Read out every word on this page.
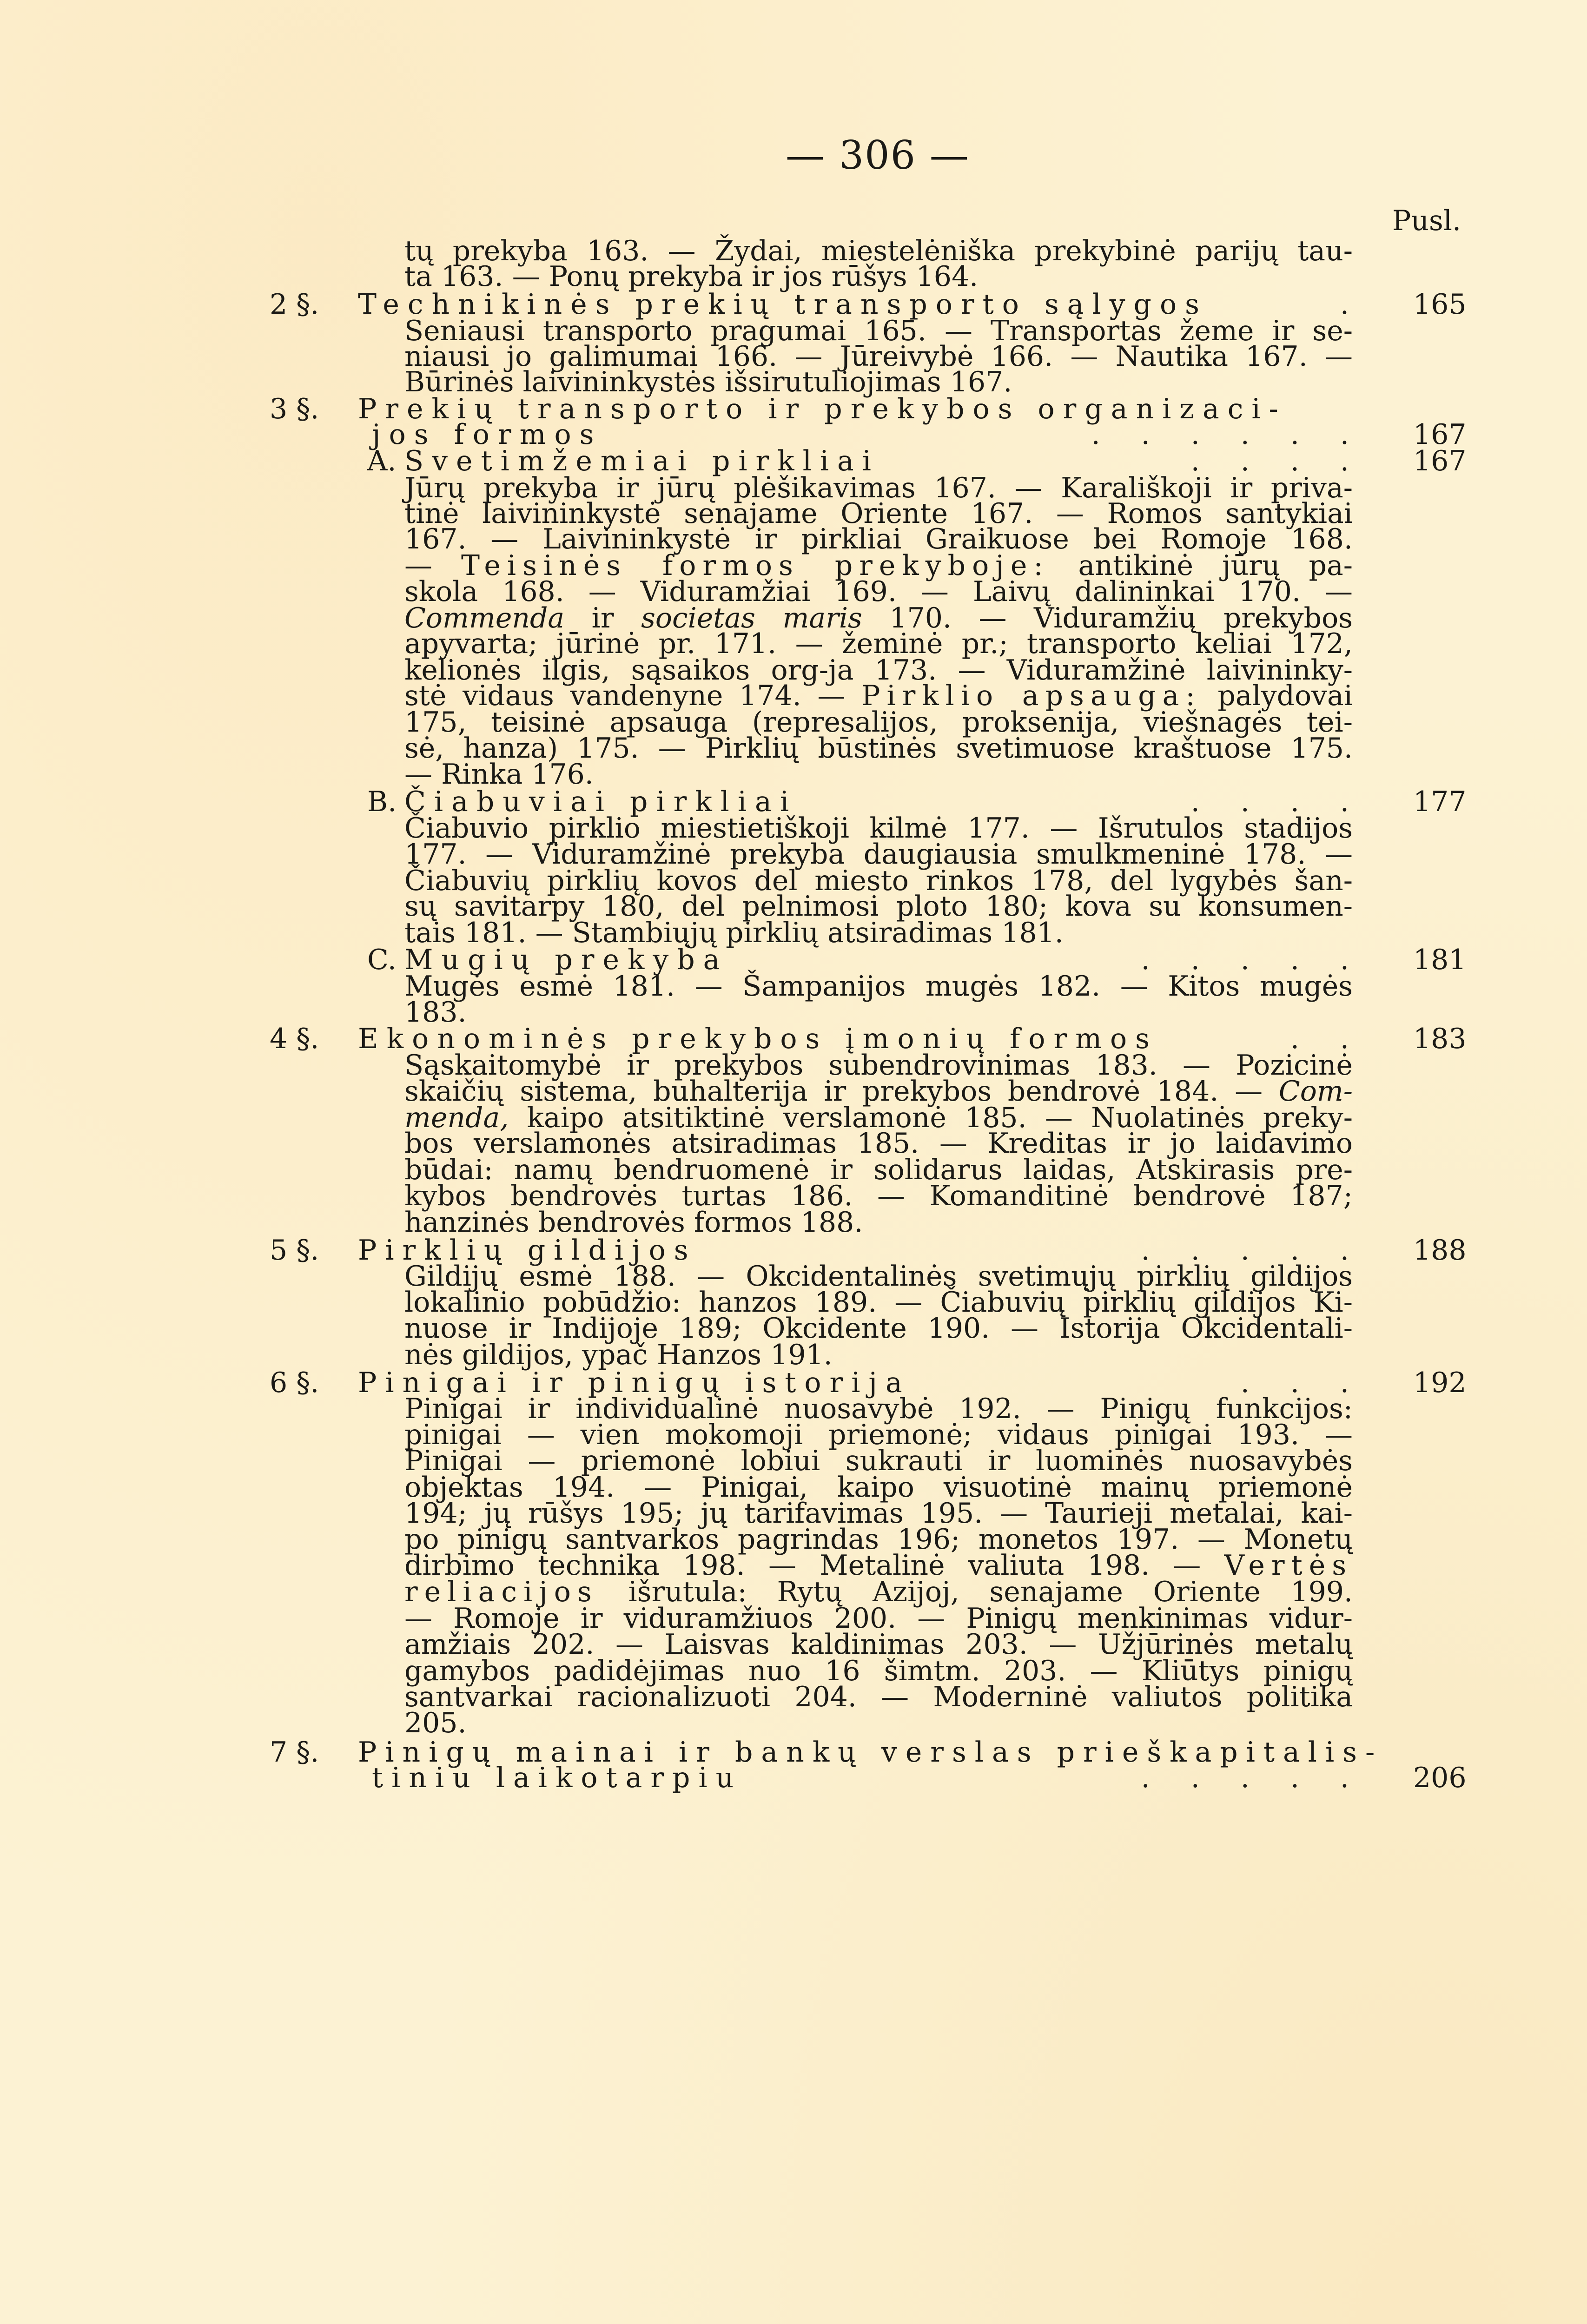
— 306 —
Pusl.
tų prekyba 163. — Žydai, miestelėniška prekybinė parijų tau-
ta 163. — Ponų prekyba ir jos rūšys 164.
2 §. Technikinės prekių transporto sąlygos	. 165
Seniausi transporto pragumai 165. — Transportas žeme ir se-
niausi jo galimumai 166. — Jūreivybė 166. — Nautika 167. —
Būrinės laivininkystės išsirutuliojimas 167.
3 §. Prekių transporto ir prekybos organizaci-
jos formos	...... 167
A. Svetimžemiai pirkliai	.... 167
Jūrų prekyba ir jūrų plėšikavimas 167. — Karališkoji ir priva-
tinė laivininkystė senajame Oriente 167. — Romos santykiai
167. — Laivininkystė ir pirkliai Graikuose bei Romoje 168.
— Teisinės formos prekyboje: antikinė jūrų pa-
skola 168. — Viduramžiai 169. — Laivų dalininkai 170. —
Commenda ir societas maris 170. — Viduramžių prekybos
apyvarta; jūrinė pr. 171. — žeminė pr.; transporto keliai 172,
kelionės ilgis, sąsaikos org-ja 173. — Viduramžinė laivininky-
stė vidaus vandenyne 174. — Pirklio apsauga: palydovai
175, teisinė apsauga (represalijos, proksenija, viešnagės tei-
sė, hanza) 175. — Pirklių būstinės svetimuose kraštuose 175.
— Rinka 176.
B. Čiabuviai pirkliai	.... 177
Čiabuvio pirklio miestietiškoji kilmė 177. — Išrutulos stadijos
177. — Viduramžinė prekyba daugiausia smulkmeninė 178. —
Čiabuvių pirklių kovos del miesto rinkos 178, del lygybės šan-
sų savitarpy 180, del pelnimosi ploto 180; kova su konsumen-
tais 181. — Stambiųjų pirklių atsiradimas 181.
C. Mugių prekyba	..... 181
Mugės esmė 181. — Šampanijos mugės 182. — Kitos mugės
183.
4 §. Ekonominės prekybos įmonių formos	.. 183
Sąskaitomybė ir prekybos subendrovinimas 183. — Pozicinė
skaičių sistema, buhalterija ir prekybos bendrovė 184. — Com-
menda, kaipo atsitiktinė verslamonė 185. — Nuolatinės preky-
bos verslamonės atsiradimas 185. — Kreditas ir jo laidavimo
būdai: namų bendruomenė ir solidarus laidas, Atskirasis pre-
kybos bendrovės turtas 186. — Komanditinė bendrovė 187;
hanzinės bendrovės formos 188.
5 §. Pirklių gildijos	..... 188
Gildijų esmė 188. — Okcidentalinės svetimųjų pirklių gildijos
lokalinio pobūdžio: hanzos 189. — Čiabuvių pirklių gildijos Ki-
nuose ir Indijoje 189; Okcidente 190. — Istorija Okcidentali-
nės gildijos, ypač Hanzos 191.
6 §. Pinigai ir pinigų istorija	... 192
Pinigai ir individualinė nuosavybė 192. — Pinigų funkcijos:
pinigai — vien mokomoji priemonė; vidaus pinigai 193. —
Pinigai — priemonė lobiui sukrauti ir luominės nuosavybės
objektas 194. — Pinigai, kaipo visuotinė mainų priemonė
194; jų rūšys 195; jų tarifavimas 195. — Taurieji metalai, kai-
po pinigų santvarkos pagrindas 196; monetos 197. — Monetų
dirbimo technika 198. — Metalinė valiuta 198. — Vertės
reliacijos išrutula: Rytų Azijoj, senajame Oriente 199.
— Romoje ir viduramžiuos 200. — Pinigų menkinimas vidur-
amžiais 202. — Laisvas kaldinimas 203. — Užjūrinės metalų
gamybos padidėjimas nuo 16 šimtm. 203. — Kliūtys pinigų
santvarkai racionalizuoti 204. — Moderninė valiutos politika
205.
7 §. Pinigų mainai ir bankų verslas prieškapitalis-
tiniu laikotarpiu	..... 206
